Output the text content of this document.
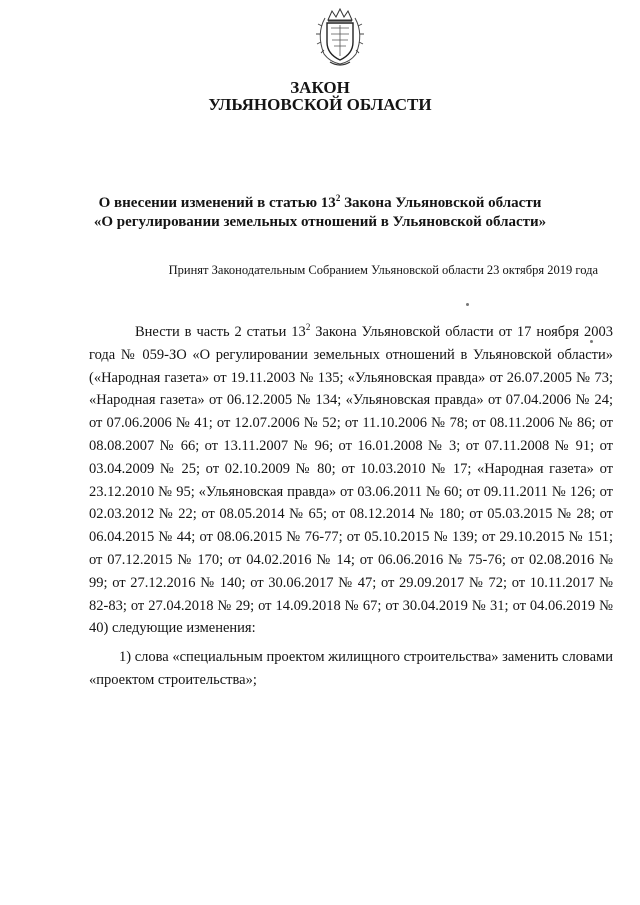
ЗАКОН
УЛЬЯНОВСКОЙ ОБЛАСТИ
О внесении изменений в статью $13^2$ Закона Ульяновской области
«О регулировании земельных отношений в Ульяновской области»
Принят Законодательным Собранием Ульяновской области 23 октября 2019 года

Внести в часть 2 статьи $13^2$ Закона Ульяновской области от 17 ноября 2003 года № 059-ЗО «О регулировании земельных отношений в Ульяновской области» («Народная газета» от 19.11.2003 № 135; «Ульяновская правда» от 26.07.2005 № 73; «Народная газета» от 06.12.2005 № 134; «Ульяновская правда» от 07.04.2006 № 24; от 07.06.2006 № 41; от 12.07.2006 № 52; от 11.10.2006 № 78; от 08.11.2006 № 86; от 08.08.2007 № 66; от 13.11.2007 № 96; от 16.01.2008 № 3; от 07.11.2008 № 91; от 03.04.2009 № 25; от 02.10.2009 № 80; от 10.03.2010 № 17; «Народная газета» от 23.12.2010 № 95; «Ульяновская правда» от 03.06.2011 № 60; от 09.11.2011 № 126; от 02.03.2012 № 22; от 08.05.2014 № 65; от 08.12.2014 № 180; от 05.03.2015 № 28; от 06.04.2015 № 44; от 08.06.2015 № 76-77; от 05.10.2015 № 139; от 29.10.2015 № 151; от 07.12.2015 № 170; от 04.02.2016 № 14; от 06.06.2016 № 75-76; от 02.08.2016 № 99; от 27.12.2016 № 140; от 30.06.2017 № 47; от 29.09.2017 № 72; от 10.11.2017 № 82-83; от 27.04.2018 № 29; от 14.09.2018 № 67; от 30.04.2019 № 31; от 04.06.2019 № 40) следующие изменения:

1) слова «специальным проектом жилищного строительства» заменить словами «проектом строительства»;
